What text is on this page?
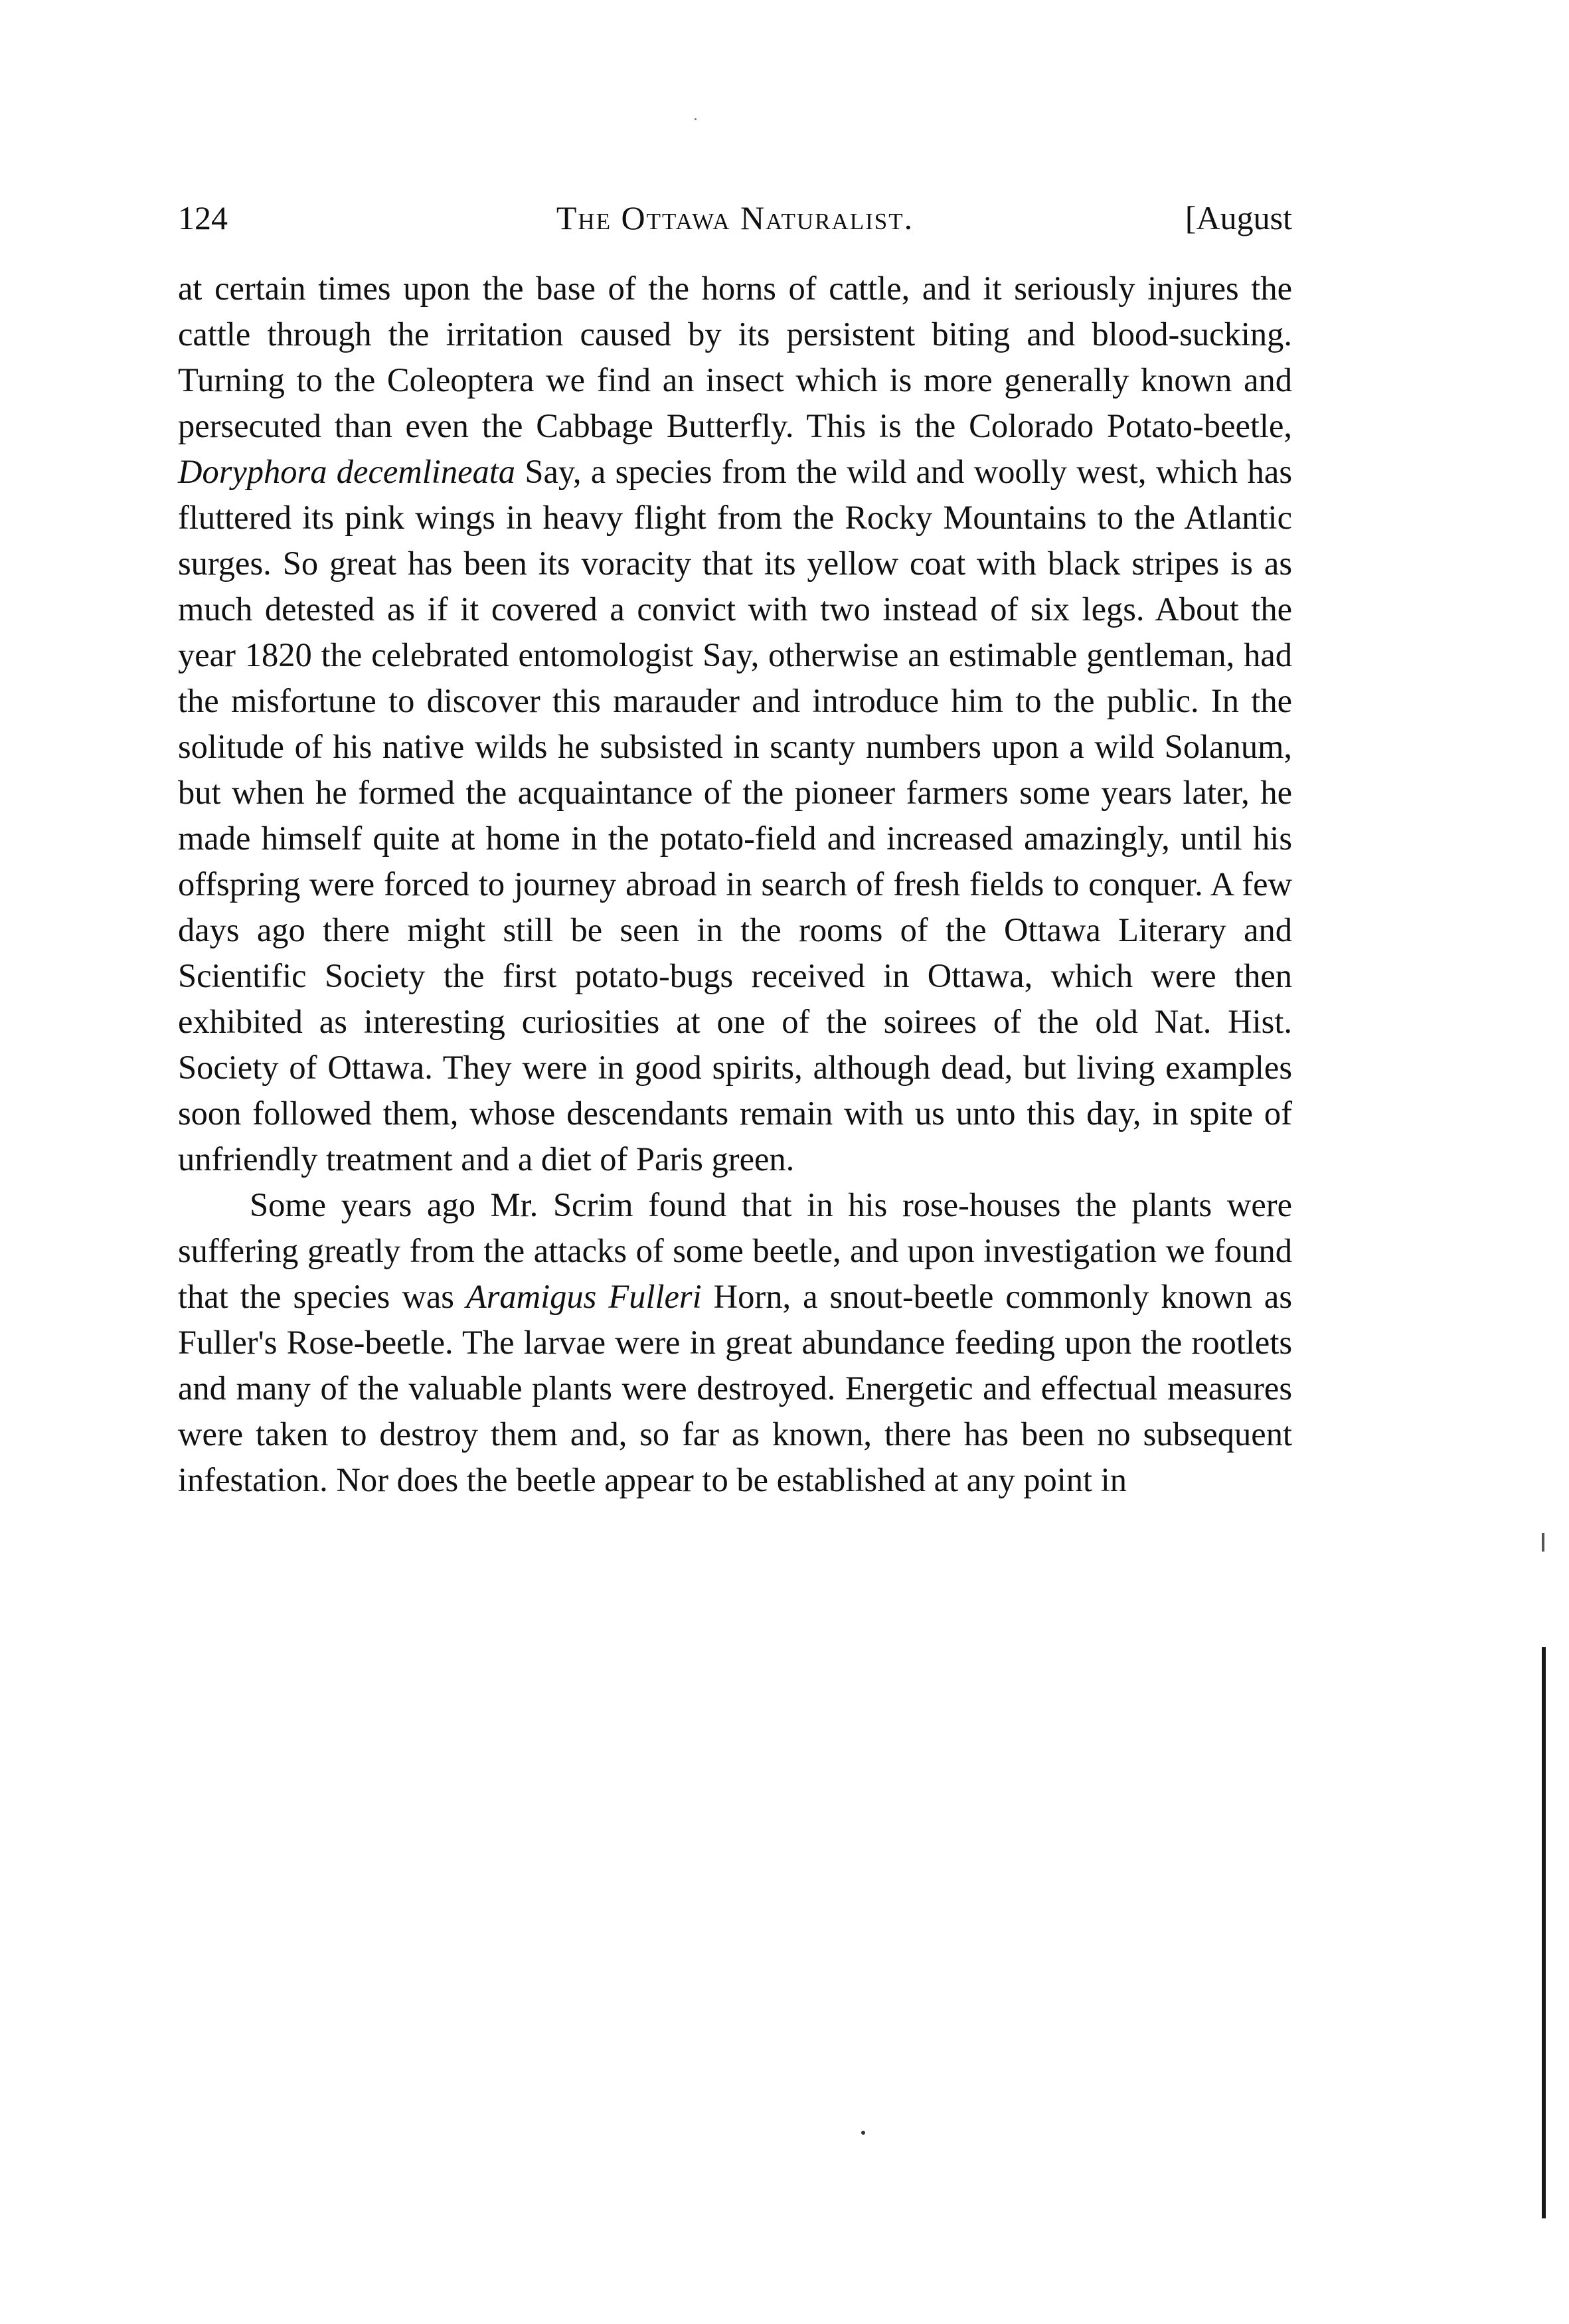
124	The Ottawa Naturalist.	[August

at certain times upon the base of the horns of cattle, and it seriously injures the cattle through the irritation caused by its persistent biting and blood-sucking. Turning to the Coleoptera we find an insect which is more generally known and persecuted than even the Cabbage Butterfly. This is the Colorado Potato-beetle, Doryphora decemlineata Say, a species from the wild and woolly west, which has fluttered its pink wings in heavy flight from the Rocky Mountains to the Atlantic surges. So great has been its voracity that its yellow coat with black stripes is as much detested as if it covered a convict with two instead of six legs. About the year 1820 the celebrated entomologist Say, otherwise an estimable gentleman, had the misfortune to discover this marauder and introduce him to the public. In the solitude of his native wilds he subsisted in scanty numbers upon a wild Solanum, but when he formed the acquaintance of the pioneer farmers some years later, he made himself quite at home in the potato-field and increased amazingly, until his offspring were forced to journey abroad in search of fresh fields to conquer. A few days ago there might still be seen in the rooms of the Ottawa Literary and Scientific Society the first potato-bugs received in Ottawa, which were then exhibited as interesting curiosities at one of the soirees of the old Nat. Hist. Society of Ottawa. They were in good spirits, although dead, but living examples soon followed them, whose descendants remain with us unto this day, in spite of unfriendly treatment and a diet of Paris green.

Some years ago Mr. Scrim found that in his rose-houses the plants were suffering greatly from the attacks of some beetle, and upon investigation we found that the species was Aramigus Fulleri Horn, a snout-beetle commonly known as Fuller's Rose-beetle. The larvae were in great abundance feeding upon the rootlets and many of the valuable plants were destroyed. Energetic and effectual measures were taken to destroy them and, so far as known, there has been no subsequent infestation. Nor does the beetle appear to be established at any point in
